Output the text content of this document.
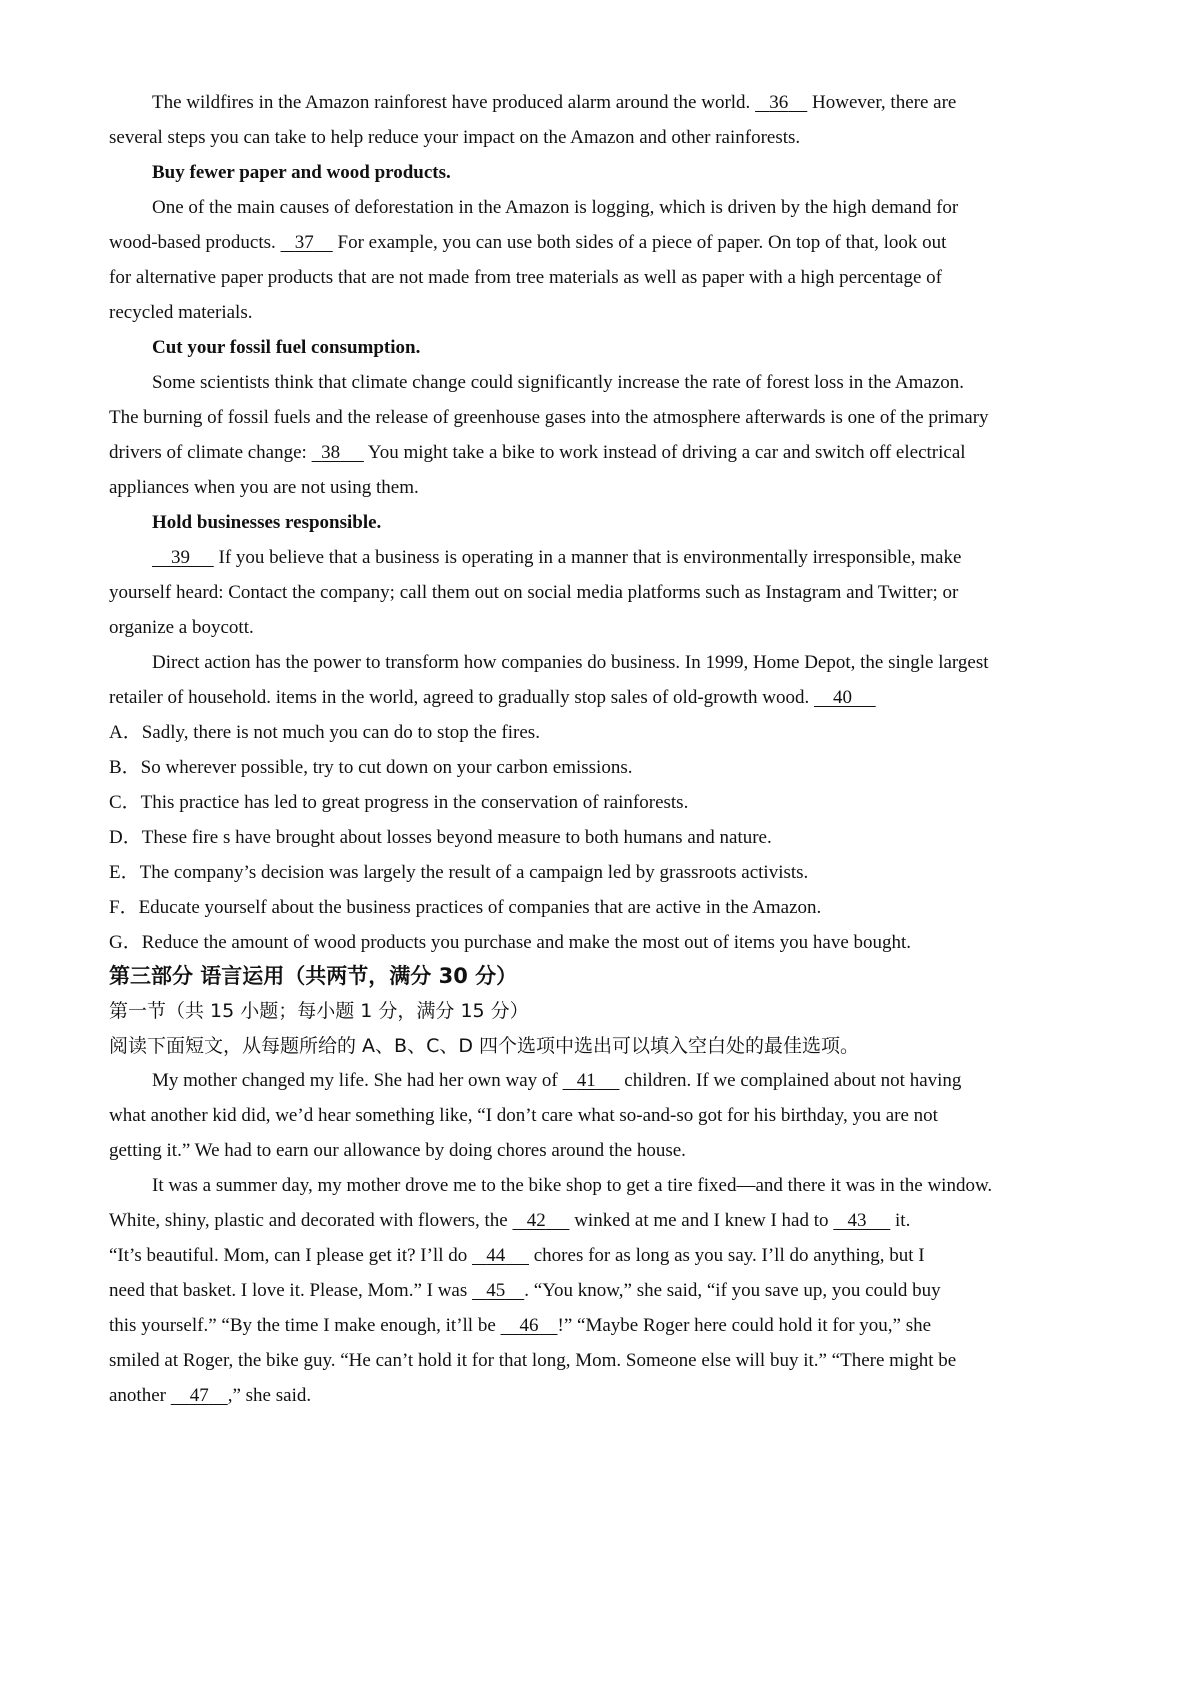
The wildfires in the Amazon rainforest have produced alarm around the world. 36 However, there are
several steps you can take to help reduce your impact on the Amazon and other rainforests.
Buy fewer paper and wood products.
One of the main causes of deforestation in the Amazon is logging, which is driven by the high demand for
wood-based products. 37 For example, you can use both sides of a piece of paper. On top of that, look out
for alternative paper products that are not made from tree materials as well as paper with a high percentage of
recycled materials.
Cut your fossil fuel consumption.
Some scientists think that climate change could significantly increase the rate of forest loss in the Amazon.
The burning of fossil fuels and the release of greenhouse gases into the atmosphere afterwards is one of the primary
drivers of climate change: 38 You might take a bike to work instead of driving a car and switch off electrical
appliances when you are not using them.
Hold businesses responsible.
39 If you believe that a business is operating in a manner that is environmentally irresponsible, make
yourself heard: Contact the company; call them out on social media platforms such as Instagram and Twitter; or
organize a boycott.
Direct action has the power to transform how companies do business. In 1999, Home Depot, the single largest
retailer of household. items in the world, agreed to gradually stop sales of old-growth wood. 40
A．Sadly, there is not much you can do to stop the fires.
B．So wherever possible, try to cut down on your carbon emissions.
C．This practice has led to great progress in the conservation of rainforests.
D．These fire s have brought about losses beyond measure to both humans and nature.
E．The company’s decision was largely the result of a campaign led by grassroots activists.
F．Educate yourself about the business practices of companies that are active in the Amazon.
G．Reduce the amount of wood products you purchase and make the most out of items you have bought.
第三部分 语言运用（共两节，满分 30 分）
第一节（共 15 小题；每小题 1 分，满分 15 分）
阅读下面短文，从每题所给的 A、B、C、D 四个选项中选出可以填入空白处的最佳选项。
My mother changed my life. She had her own way of 41 children. If we complained about not having
what another kid did, we’d hear something like, “I don’t care what so-and-so got for his birthday, you are not
getting it.” We had to earn our allowance by doing chores around the house.
It was a summer day, my mother drove me to the bike shop to get a tire fixed—and there it was in the window.
White, shiny, plastic and decorated with flowers, the 42 winked at me and I knew I had to 43 it.
“It’s beautiful. Mom, can I please get it? I’ll do 44 chores for as long as you say. I’ll do anything, but I
need that basket. I love it. Please, Mom.” I was 45 . “You know,” she said, “if you save up, you could buy
this yourself.” “By the time I make enough, it’ll be 46 !” “Maybe Roger here could hold it for you,” she
smiled at Roger, the bike guy. “He can’t hold it for that long, Mom. Someone else will buy it.” “There might be
another 47 ,” she said.
